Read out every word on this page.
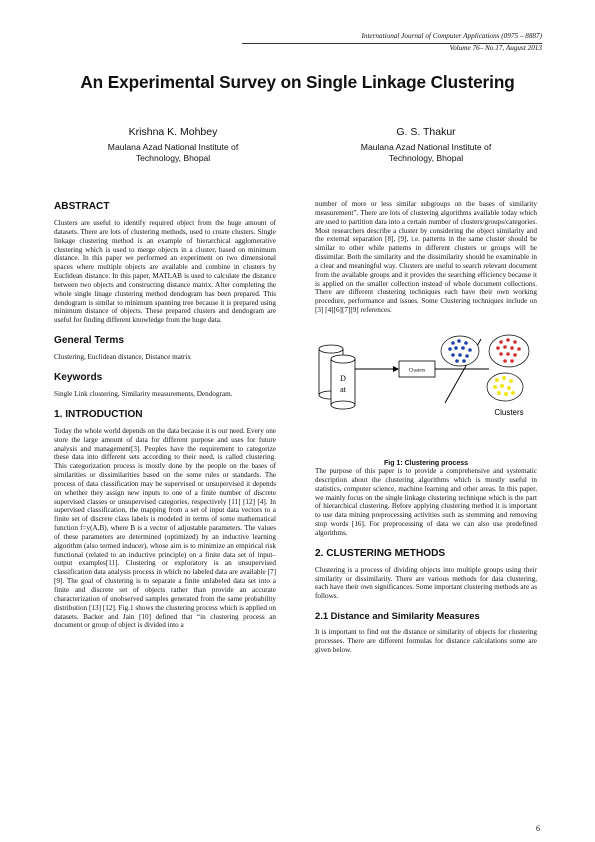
International Journal of Computer Applications (0975 – 8887)
Volume 76– No.17, August 2013
An Experimental Survey on Single Linkage Clustering
Krishna K. Mohbey
Maulana Azad National Institute of
Technology, Bhopal
G. S. Thakur
Maulana Azad National Institute of
Technology, Bhopal
ABSTRACT

Clusters are useful to identify required object from the huge amount of datasets. There are lots of clustering methods, used to create clusters. Single linkage clustering method is an example of hierarchical agglomerative clustering which is used to merge objects in a cluster, based on minimum distance. In this paper we performed an experiment on two dimensional spaces where multiple objects are available and combine in clusters by Euclidean distance. In this paper, MATLAB is used to calculate the distance between two objects and constructing distance matrix. After completing the whole single linage clustering method dendogram has been prepared. This dendogram is similar to minimum spanning tree because it is prepared using minimum distance of objects. These prepared clusters and dendogram are useful for finding different knowledge from the huge data.

General Terms

Clustering, Euclidean distance, Distance matrix

Keywords

Single Link clustering, Similarity measurements, Dendogram.

1. INTRODUCTION

Today the whole world depends on the data because it is our need. Every one store the large amount of data for different purpose and uses for future analysis and management[3]. Peoples have the requirement to categorize these data into different sets according to their need, is called clustering. This categorization process is mostly done by the people on the bases of similarities or dissimilarities based on the some rules or standards. The process of data classification may be supervised or unsupervised it depends on whether they assign new inputs to one of a finite number of discrete supervised classes or unsupervised categories, respectively [11] [12] [4]. In supervised classification, the mapping from a set of input data vectors to a finite set of discrete class labels is modeled in terms of some mathematical function f=y(A,B), where B is a vector of adjustable parameters. The values of these parameters are determined (optimized) by an inductive learning algorithm (also termed inducer), whose aim is to minimize an empirical risk functional (related to an inductive principle) on a finite data set of input–output examples[11]. Clustering or exploratory is an unsupervised classification data analysis process in which no labeled data are available [7][9]. The goal of clustering is to separate a finite unlabeled data set into a finite and discrete set of objects rather than provide an accurate characterization of unobserved samples generated from the same probability distribution [13] [12]. Fig.1 shows the clustering process which is applied on datasets. Backer and Jain [10] defined that “in clustering process an document or group of object is divided into a

number of more or less similar subgroups on the bases of similarity measurement”. There are lots of clustering algorithms available today which are used to partition data into a certain number of clusters/groups/categories. Most researchers describe a cluster by considering the object similarity and the external separation [8], [9], i.e. patterns in the same cluster should be similar to other while patterns in different clusters or groups will be dissimilar. Both the similarity and the dissimilarity should be examinable in a clear and meaningful way. Clusters are useful to search relevant document from the available groups and it provides the searching efficiency because it is applied on the smaller collection instead of whole document collections. There are different clustering techniques each have their own working procedure, performance and issues. Some Clustering techniques include on [3] [4][6][7][9] references.

D
at
Clusters
Clusters
Fig 1: Clustering process

The purpose of this paper is to provide a comprehensive and systematic description about the clustering algorithms which is mostly useful in statistics, computer science, machine learning and other areas. In this paper, we mainly focus on the single linkage clustering technique which is the part of hierarchical clustering. Before applying clustering method it is important to use data mining preprocessing activities such as stemming and removing stop words [16]. For preprocessing of data we can also use predefined algorithms.

2. CLUSTERING METHODS

Clustering is a process of dividing objects into multiple groups using their similarity or dissimilarity. There are various methods for data clustering, each have their own significances. Some important clustering methods are as follows.

2.1 Distance and Similarity Measures

It is important to find out the distance or similarity of objects for clustering processes. There are different formulas for distance calculations some are given below.

6
